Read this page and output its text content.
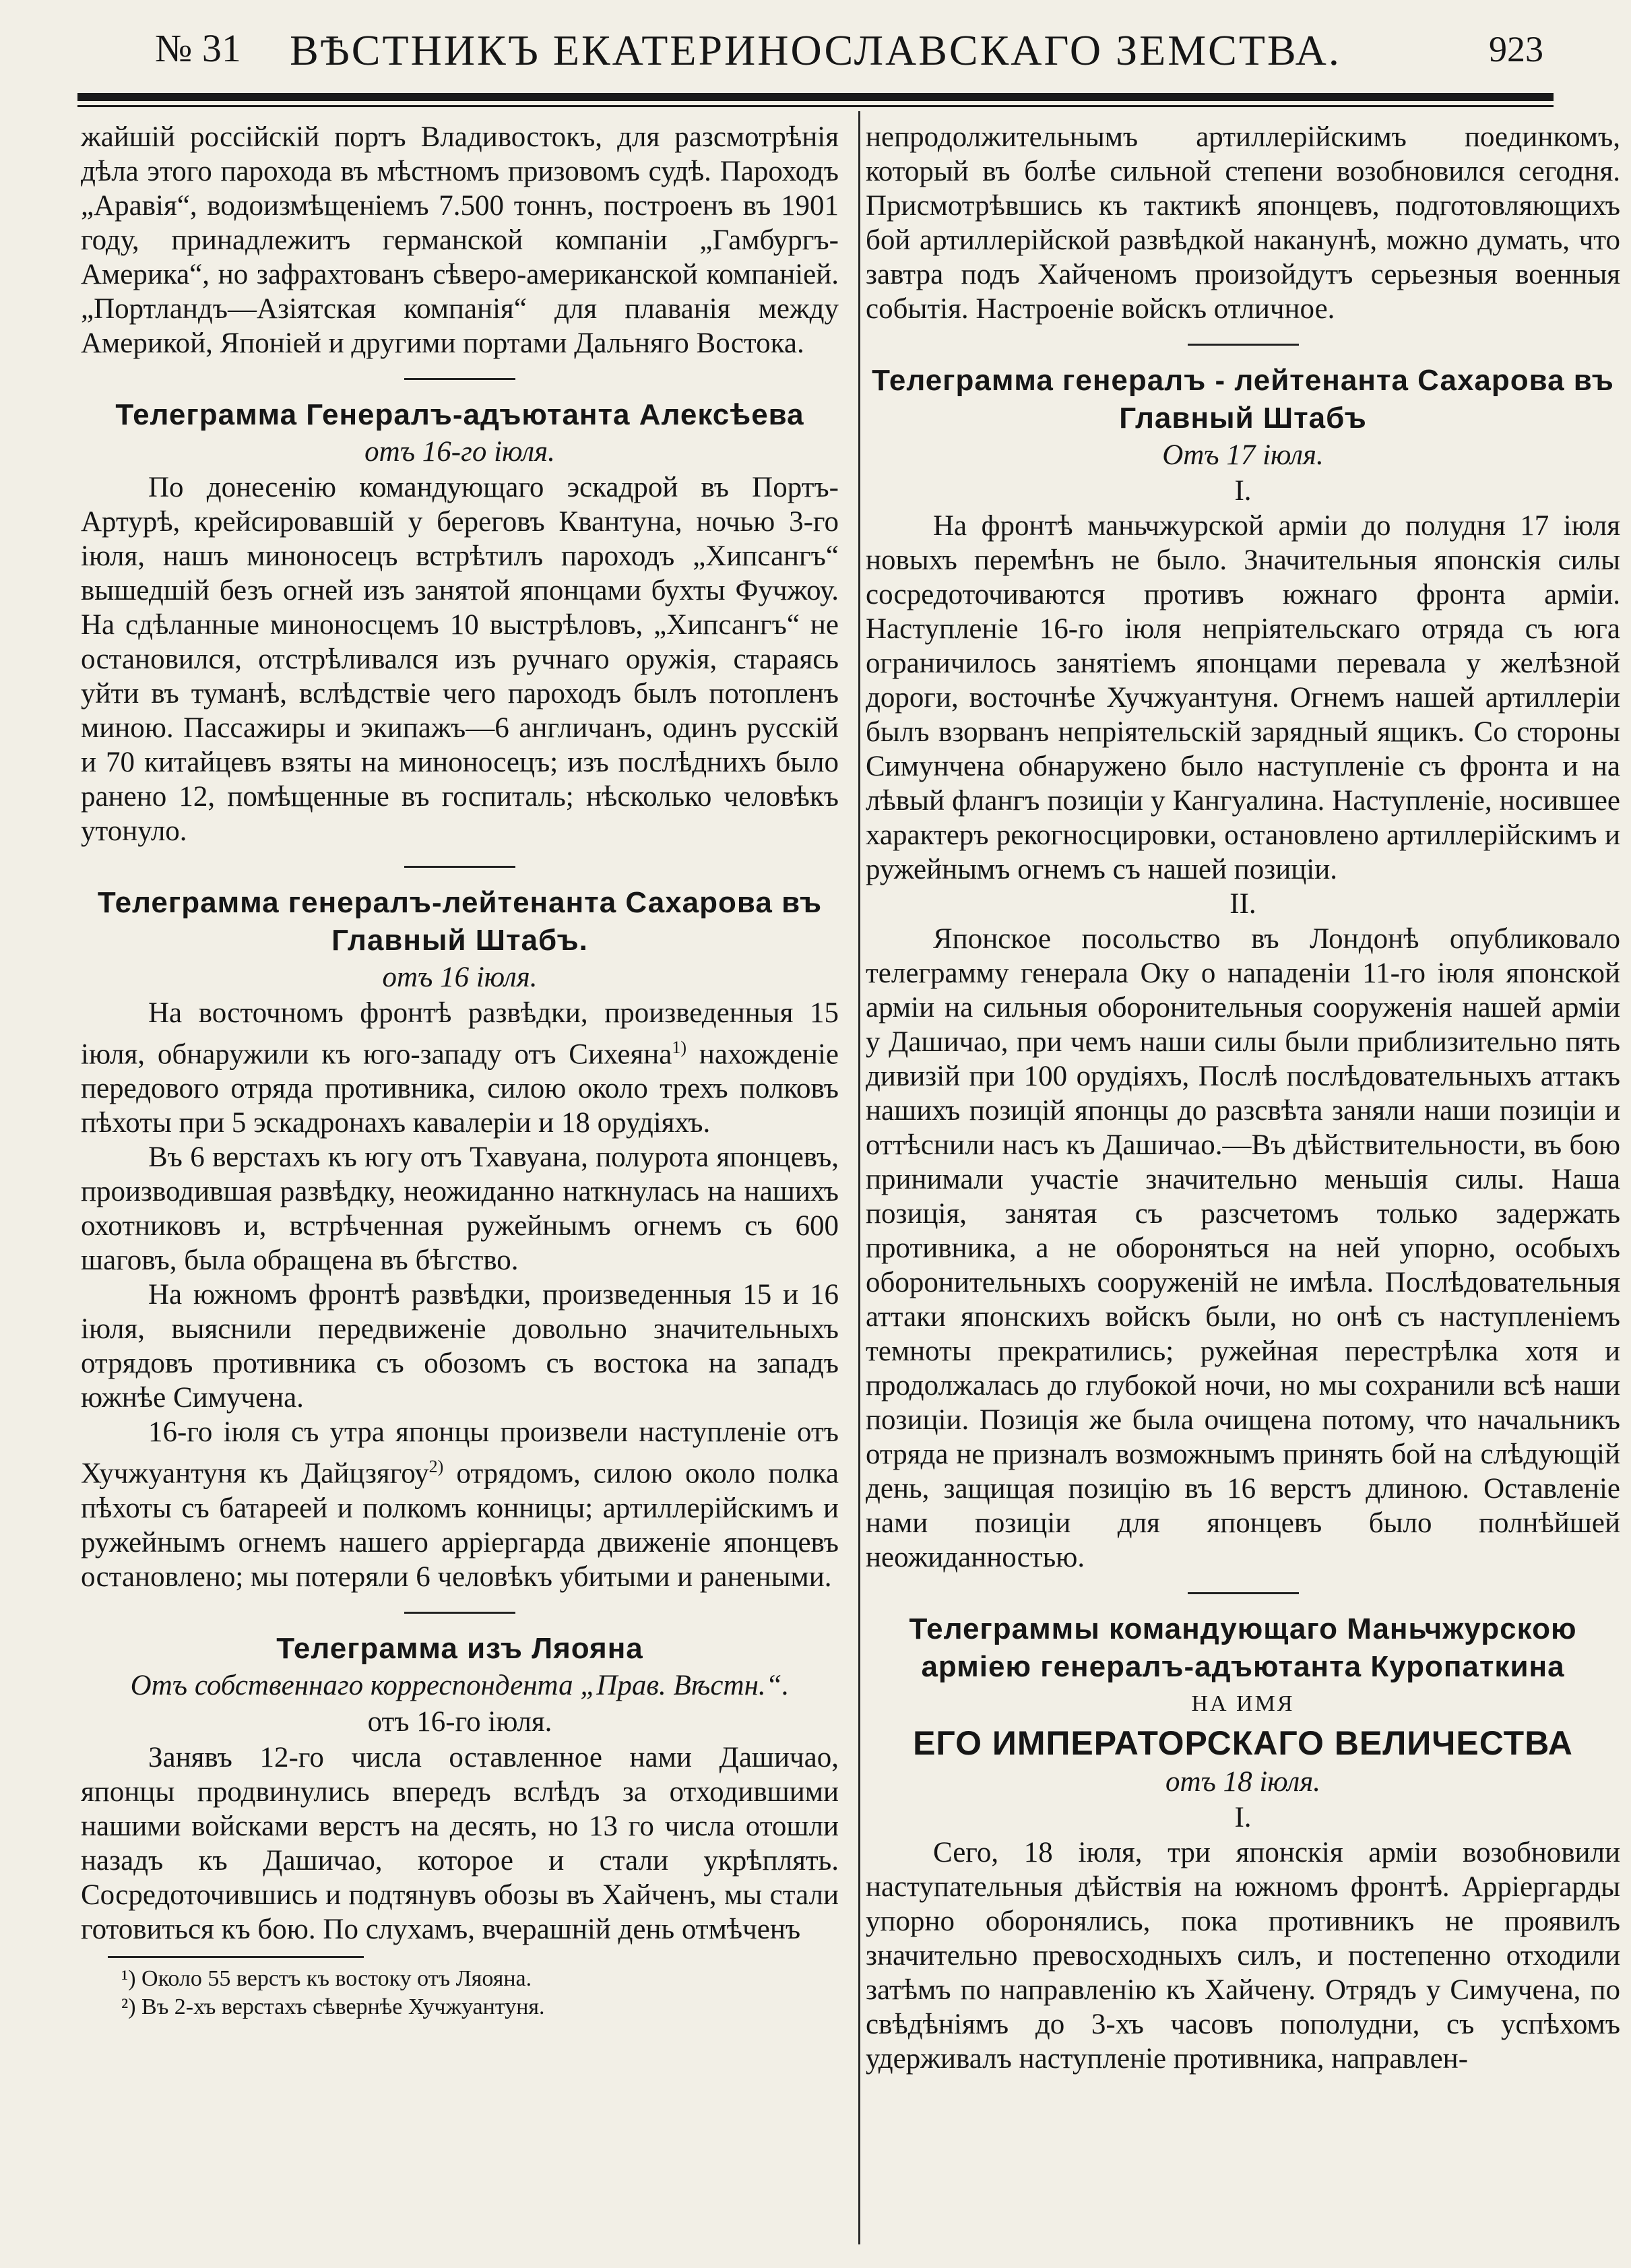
№ 31	ВѢСТНИКЪ ЕКАТЕРИНОСЛАВСКАГО ЗЕМСТВА.	923

жайшій россійскій портъ Владивостокъ, для разсмотрѣнія дѣла этого парохода въ мѣстномъ призовомъ судѣ. Пароходъ „Аравія“, водоизмѣщеніемъ 7.500 тоннъ, построенъ въ 1901 году, принадлежитъ германской компаніи „Гамбургъ-Америка“, но зафрахтованъ сѣверо-американской компаніей. „Портландъ—Азіятская компанія“ для плаванія между Америкой, Японіей и другими портами Дальняго Востока.

Телеграмма Генералъ-адъютанта Алексѣева
отъ 16-го іюля.

По донесенію командующаго эскадрой въ Портъ-Артурѣ, крейсировавшій у береговъ Квантуна, ночью 3-го іюля, нашъ миноносецъ встрѣтилъ пароходъ „Хипсангъ“ вышедшій безъ огней изъ занятой японцами бухты Фучжоу. На сдѣланные миноносцемъ 10 выстрѣловъ, „Хипсангъ“ не остановился, отстрѣливался изъ ручнаго оружія, стараясь уйти въ туманѣ, вслѣдствіе чего пароходъ былъ потопленъ миною. Пассажиры и экипажъ—6 англичанъ, одинъ русскій и 70 китайцевъ взяты на миноносецъ; изъ послѣднихъ было ранено 12, помѣщенные въ госпиталь; нѣсколько человѣкъ утонуло.

Телеграмма генералъ-лейтенанта Сахарова въ Главный Штабъ.
отъ 16 іюля.

На восточномъ фронтѣ развѣдки, произведенныя 15 іюля, обнаружили къ юго-западу отъ Сихеяна$^{1)}$ нахожденіе передового отряда противника, силою около трехъ полковъ пѣхоты при 5 эскадронахъ кавалеріи и 18 орудіяхъ.

Въ 6 верстахъ къ югу отъ Тхавуана, полурота японцевъ, производившая развѣдку, неожиданно наткнулась на нашихъ охотниковъ и, встрѣченная ружейнымъ огнемъ съ 600 шаговъ, была обращена въ бѣгство.

На южномъ фронтѣ развѣдки, произведенныя 15 и 16 іюля, выяснили передвиженіе довольно значительныхъ отрядовъ противника съ обозомъ съ востока на западъ южнѣе Симучена.

16-го іюля съ утра японцы произвели наступленіе отъ Хучжуантуня къ Дайцзягоу$^{2)}$ отрядомъ, силою около полка пѣхоты съ батареей и полкомъ конницы; артиллерійскимъ и ружейнымъ огнемъ нашего арріергарда движеніе японцевъ остановлено; мы потеряли 6 человѣкъ убитыми и ранеными.

Телеграмма изъ Ляояна
Отъ собственнаго корреспондента „Прав. Вѣстн.“.
отъ 16-го іюля.

Занявъ 12-го числа оставленное нами Дашичао, японцы продвинулись впередъ вслѣдъ за отходившими нашими войсками верстъ на десять, но 13 го числа отошли назадъ къ Дашичао, которое и стали укрѣплять. Сосредоточившись и подтянувъ обозы въ Хайченъ, мы стали готовиться къ бою. По слухамъ, вчерашній день отмѣченъ

¹) Около 55 верстъ къ востоку отъ Ляояна.
²) Въ 2-хъ верстахъ сѣвернѣе Хучжуантуня.

непродолжительнымъ артиллерійскимъ поединкомъ, который въ болѣе сильной степени возобновился сегодня. Присмотрѣвшись къ тактикѣ японцевъ, подготовляющихъ бой артиллерійской развѣдкой наканунѣ, можно думать, что завтра подъ Хайченомъ произойдутъ серьезныя военныя событія. Настроеніе войскъ отличное.

Телеграмма генералъ - лейтенанта Сахарова въ Главный Штабъ
Отъ 17 іюля.
I.

На фронтѣ маньчжурской арміи до полудня 17 іюля новыхъ перемѣнъ не было. Значительныя японскія силы сосредоточиваются противъ южнаго фронта арміи. Наступленіе 16-го іюля непріятельскаго отряда съ юга ограничилось занятіемъ японцами перевала у желѣзной дороги, восточнѣе Хучжуантуня. Огнемъ нашей артиллеріи былъ взорванъ непріятельскій зарядный ящикъ. Со стороны Симунчена обнаружено было наступленіе съ фронта и на лѣвый флангъ позиціи у Кангуалина. Наступленіе, носившее характеръ рекогносцировки, остановлено артиллерійскимъ и ружейнымъ огнемъ съ нашей позиціи.

II.

Японское посольство въ Лондонѣ опубликовало телеграмму генерала Оку о нападеніи 11-го іюля японской арміи на сильныя оборонительныя сооруженія нашей арміи у Дашичао, при чемъ наши силы были приблизительно пять дивизій при 100 орудіяхъ, Послѣ послѣдовательныхъ аттакъ нашихъ позицій японцы до разсвѣта заняли наши позиціи и оттѣснили насъ къ Дашичао.—Въ дѣйствительности, въ бою принимали участіе значительно меньшія силы. Наша позиція, занятая съ разсчетомъ только задержать противника, а не обороняться на ней упорно, особыхъ оборонительныхъ сооруженій не имѣла. Послѣдовательныя аттаки японскихъ войскъ были, но онѣ съ наступленіемъ темноты прекратились; ружейная перестрѣлка хотя и продолжалась до глубокой ночи, но мы сохранили всѣ наши позиціи. Позиція же была очищена потому, что начальникъ отряда не призналъ возможнымъ принять бой на слѣдующій день, защищая позицію въ 16 верстъ длиною. Оставленіе нами позиціи для японцевъ было полнѣйшей неожиданностью.

Телеграммы командующаго Маньчжурскою арміею генералъ-адъютанта Куропаткина
НА ИМЯ
ЕГО ИМПЕРАТОРСКАГО ВЕЛИЧЕСТВА
отъ 18 іюля.
I.

Сего, 18 іюля, три японскія арміи возобновили наступательныя дѣйствія на южномъ фронтѣ. Арріергарды упорно оборонялись, пока противникъ не проявилъ значительно превосходныхъ силъ, и постепенно отходили затѣмъ по направленію къ Хайчену. Отрядъ у Симучена, по свѣдѣніямъ до 3-хъ часовъ пополудни, съ успѣхомъ удерживалъ наступленіе противника, направлен-
